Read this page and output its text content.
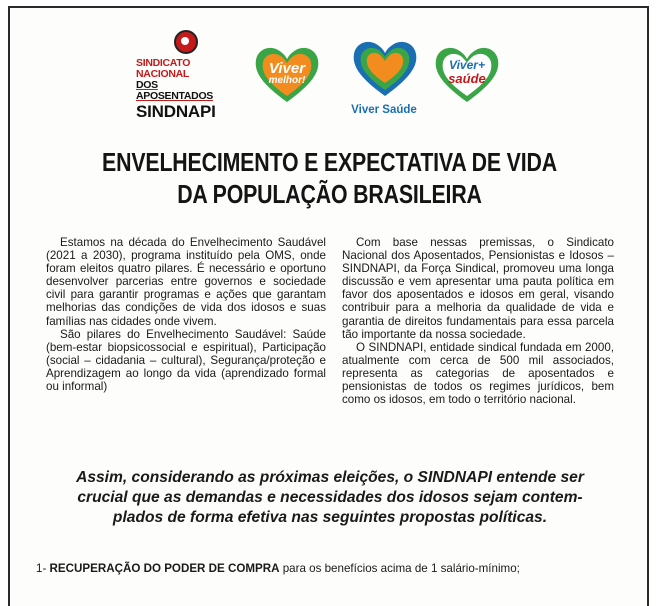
SINDICATO NACIONAL
DOS APOSENTADOS
SINDNAPI
Viver
melhor!
Viver Saúde
Viver+
saúde
ENVELHECIMENTO E EXPECTATIVA DE VIDA
DA POPULAÇÃO BRASILEIRA

Estamos na década do Envelhecimento Saudável (2021 a 2030), programa instituído pela OMS, onde foram eleitos quatro pilares. É necessário e oportuno desenvolver parcerias entre governos e sociedade civil para garantir programas e ações que garantam melhorias das condições de vida dos idosos e suas famílias nas cidades onde vivem.

São pilares do Envelhecimento Saudável: Saúde (bem-estar biopsicossocial e espiritual), Participação (social – cidadania – cultural), Segurança/proteção e Aprendizagem ao longo da vida (aprendizado formal ou informal)

Com base nessas premissas, o Sindicato Nacional dos Aposentados, Pensionistas e Idosos – SINDNAPI, da Força Sindical, promoveu uma longa discussão e vem apresentar uma pauta política em favor dos aposentados e idosos em geral, visando contribuir para a melhoria da qualidade de vida e garantia de direitos fundamentais para essa parcela tão importante da nossa sociedade.

O SINDNAPI, entidade sindical fundada em 2000, atualmente com cerca de 500 mil associados, representa as categorias de aposentados e pensionistas de todos os regimes jurídicos, bem como os idosos, em todo o território nacional.

Assim, considerando as próximas eleições, o SINDNAPI entende ser
crucial que as demandas e necessidades dos idosos sejam contem-
plados de forma efetiva nas seguintes propostas políticas.
1- RECUPERAÇÃO DO PODER DE COMPRA para os benefícios acima de 1 salário-mínimo;
